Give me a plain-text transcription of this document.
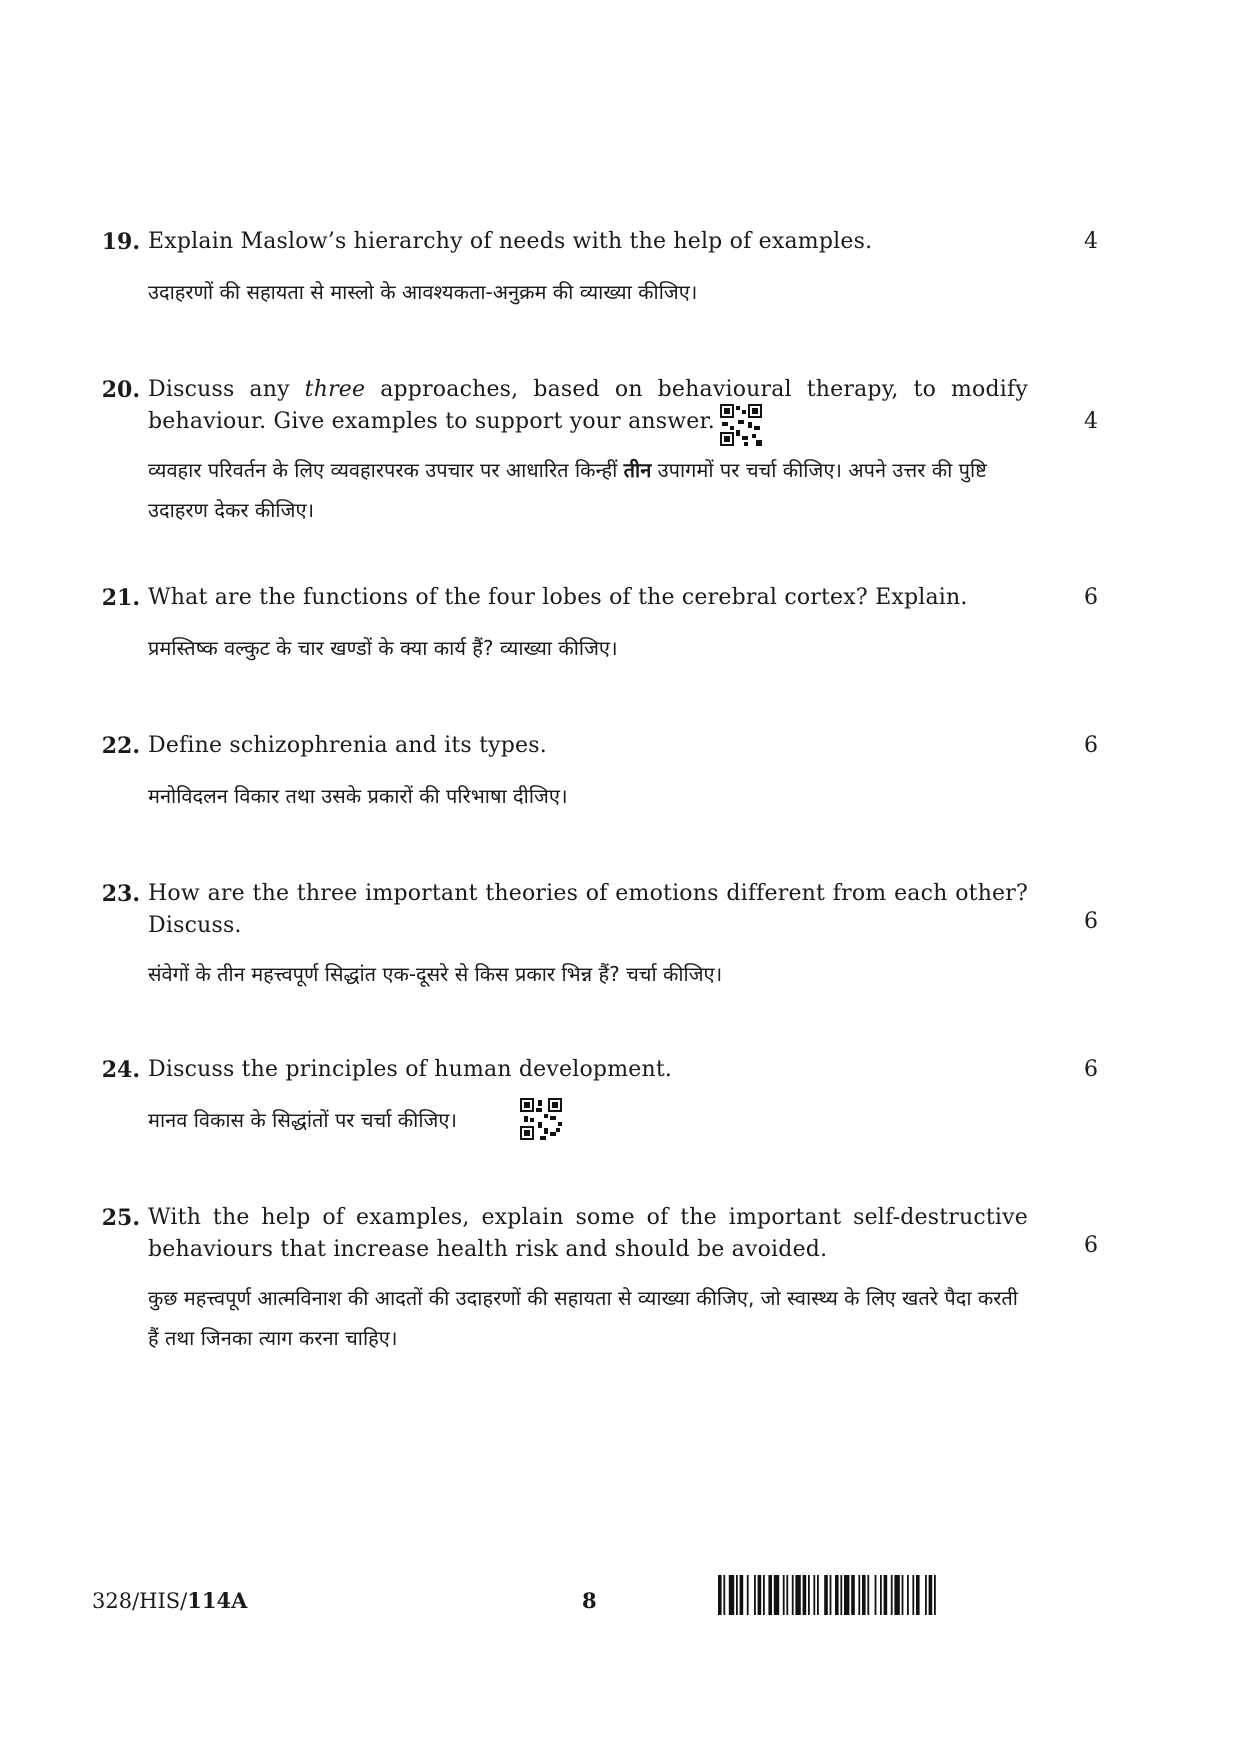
19. Explain Maslow’s hierarchy of needs with the help of examples.	4
उदाहरणों की सहायता से मास्लो के आवश्यकता-अनुक्रम की व्याख्या कीजिए।
20. Discuss any three approaches, based on behavioural therapy, to modify behaviour. Give examples to support your answer.	4
व्यवहार परिवर्तन के लिए व्यवहारपरक उपचार पर आधारित किन्हीं तीन उपागमों पर चर्चा कीजिए। अपने उत्तर की पुष्टि उदाहरण देकर कीजिए।
21. What are the functions of the four lobes of the cerebral cortex? Explain.	6
प्रमस्तिष्क वल्कुट के चार खण्डों के क्या कार्य हैं? व्याख्या कीजिए।
22. Define schizophrenia and its types.	6
मनोविदलन विकार तथा उसके प्रकारों की परिभाषा दीजिए।
23. How are the three important theories of emotions different from each other? Discuss.	6
संवेगों के तीन महत्त्वपूर्ण सिद्धांत एक-दूसरे से किस प्रकार भिन्न हैं? चर्चा कीजिए।
24. Discuss the principles of human development.	6
मानव विकास के सिद्धांतों पर चर्चा कीजिए।
25. With the help of examples, explain some of the important self-destructive behaviours that increase health risk and should be avoided.	6
कुछ महत्त्वपूर्ण आत्मविनाश की आदतों की उदाहरणों की सहायता से व्याख्या कीजिए, जो स्वास्थ्य के लिए खतरे पैदा करती हैं तथा जिनका त्याग करना चाहिए।
328/HIS/114A	8
